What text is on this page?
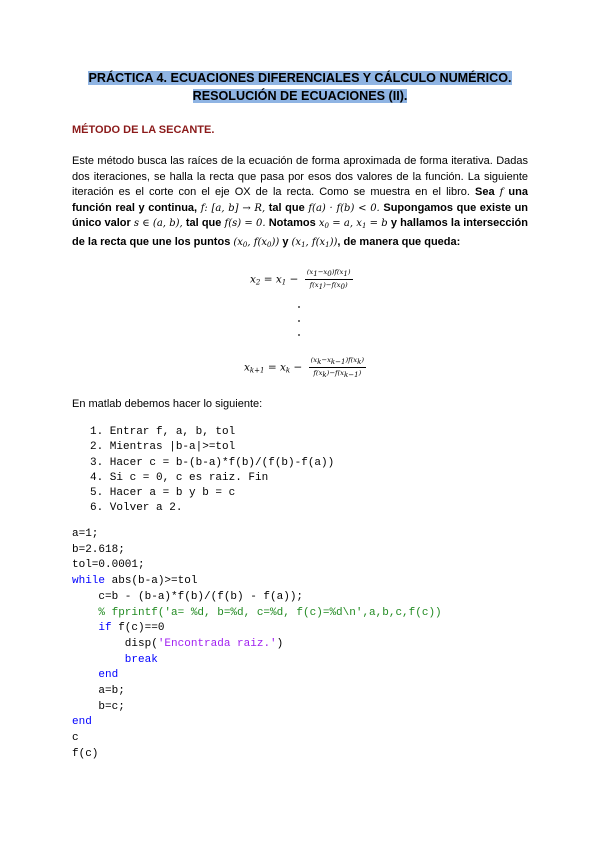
PRÁCTICA 4. ECUACIONES DIFERENCIALES Y CÁLCULO NUMÉRICO.
RESOLUCIÓN DE ECUACIONES (II).
MÉTODO DE LA SECANTE.
Este método busca las raíces de la ecuación de forma aproximada de forma iterativa. Dadas dos iteraciones, se halla la recta que pasa por esos dos valores de la función. La siguiente iteración es el corte con el eje OX de la recta. Como se muestra en el libro. Sea f una función real y continua, f: [a, b] → R, tal que f(a) · f(b) < 0. Supongamos que existe un único valor s ∈ (a, b), tal que f(s) = 0. Notamos $x_0 = a$, $x_1 = b$ y hallamos la intersección de la recta que une los puntos ($x_0$, $f(x_0)$) y ($x_1$, $f(x_1)$), de manera que queda:
$x_2 = x_1 - \frac{(x1-x0)f(x1)}{f(x1)-f(x0)}$
$x_{k+1} = x_k - \frac{(xk-xk-1)f(xk)}{f(xk)-f(xk-1)}$
En matlab debemos hacer lo siguiente:
1. Entrar f, a, b, tol
2. Mientras |b-a|>=tol
3. Hacer c = b-(b-a)*f(b)/(f(b)-f(a))
4. Si c = 0, c es raiz. Fin
5. Hacer a = b y b = c
6. Volver a 2.
a=1;
b=2.618;
tol=0.0001;
while abs(b-a)>=tol
c=b - (b-a)*f(b)/(f(b) - f(a));
% fprintf('a= %d, b=%d, c=%d, f(c)=%d\n',a,b,c,f(c))
if f(c)==0
disp('Encontrada raiz.')
break
end
a=b;
b=c;
end
c
f(c)
